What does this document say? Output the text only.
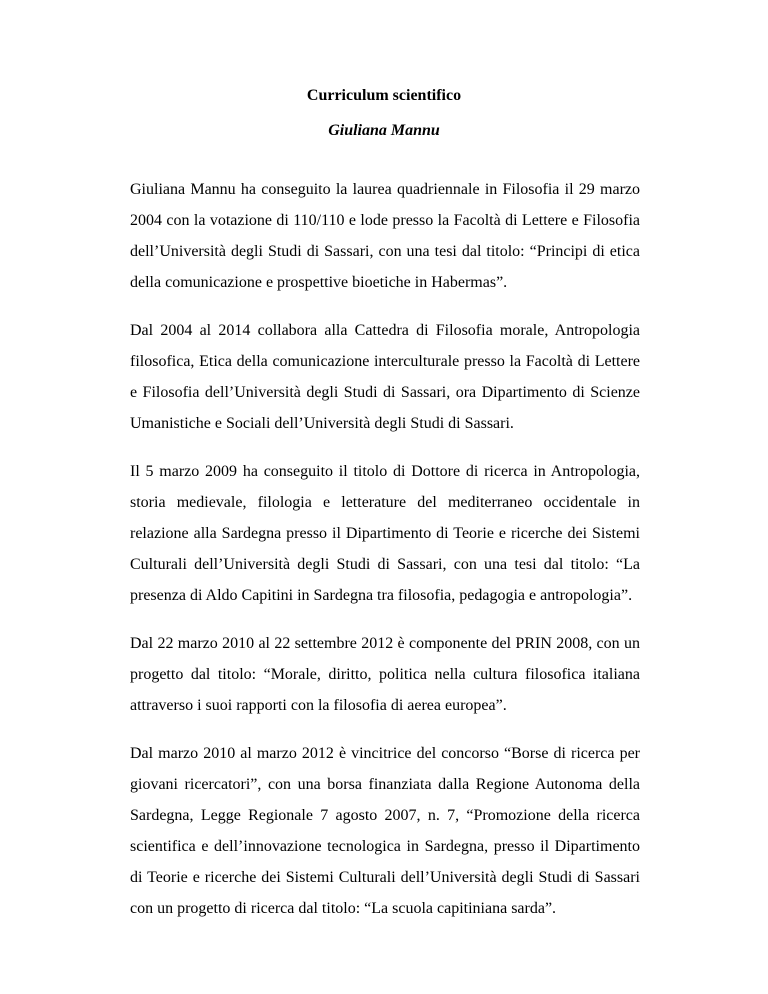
Curriculum scientifico
Giuliana Mannu

Giuliana Mannu ha conseguito la laurea quadriennale in Filosofia il 29 marzo 2004 con la votazione di 110/110 e lode presso la Facoltà di Lettere e Filosofia dell’Università degli Studi di Sassari, con una tesi dal titolo: “Principi di etica della comunicazione e prospettive bioetiche in Habermas”.

Dal 2004 al 2014 collabora alla Cattedra di Filosofia morale, Antropologia filosofica, Etica della comunicazione interculturale presso la Facoltà di Lettere e Filosofia dell’Università degli Studi di Sassari, ora Dipartimento di Scienze Umanistiche e Sociali dell’Università degli Studi di Sassari.

Il 5 marzo 2009 ha conseguito il titolo di Dottore di ricerca in Antropologia, storia medievale, filologia e letterature del mediterraneo occidentale in relazione alla Sardegna presso il Dipartimento di Teorie e ricerche dei Sistemi Culturali dell’Università degli Studi di Sassari, con una tesi dal titolo: “La presenza di Aldo Capitini in Sardegna tra filosofia, pedagogia e antropologia”.

Dal 22 marzo 2010 al 22 settembre 2012 è componente del PRIN 2008, con un progetto dal titolo: “Morale, diritto, politica nella cultura filosofica italiana attraverso i suoi rapporti con la filosofia di aerea europea”.

Dal marzo 2010 al marzo 2012 è vincitrice del concorso “Borse di ricerca per giovani ricercatori”, con una borsa finanziata dalla Regione Autonoma della Sardegna, Legge Regionale 7 agosto 2007, n. 7, “Promozione della ricerca scientifica e dell’innovazione tecnologica in Sardegna, presso il Dipartimento di Teorie e ricerche dei Sistemi Culturali dell’Università degli Studi di Sassari con un progetto di ricerca dal titolo: “La scuola capitiniana sarda”.
